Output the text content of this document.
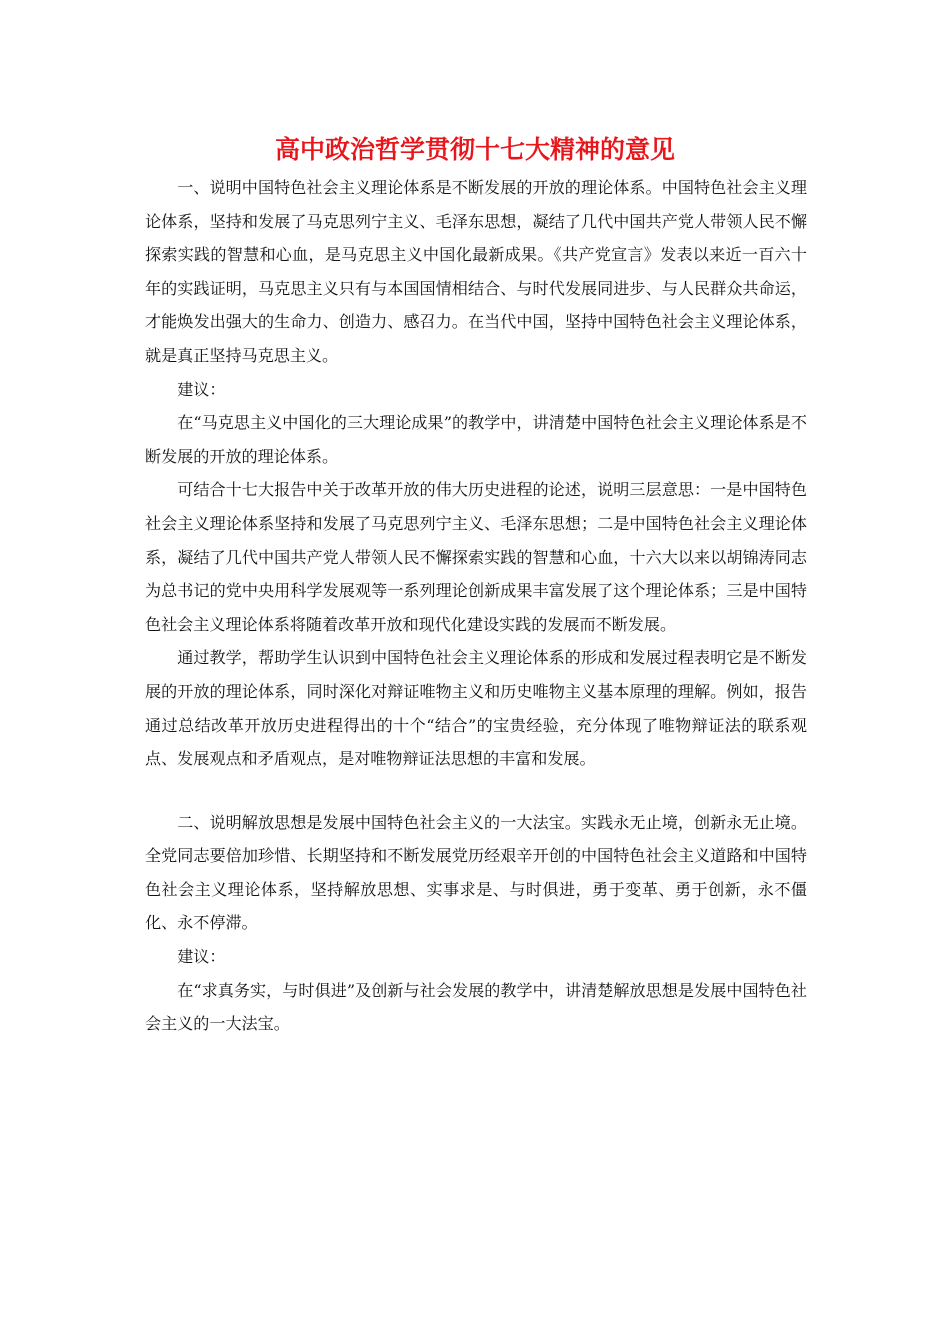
高中政治哲学贯彻十七大精神的意见

一、说明中国特色社会主义理论体系是不断发展的开放的理论体系。中国特色社会主义理论体系，坚持和发展了马克思列宁主义、毛泽东思想，凝结了几代中国共产党人带领人民不懈探索实践的智慧和心血，是马克思主义中国化最新成果。《共产党宣言》发表以来近一百六十年的实践证明，马克思主义只有与本国国情相结合、与时代发展同进步、与人民群众共命运，才能焕发出强大的生命力、创造力、感召力。在当代中国，坚持中国特色社会主义理论体系，就是真正坚持马克思主义。

建议：

在“马克思主义中国化的三大理论成果”的教学中，讲清楚中国特色社会主义理论体系是不断发展的开放的理论体系。

可结合十七大报告中关于改革开放的伟大历史进程的论述，说明三层意思：一是中国特色社会主义理论体系坚持和发展了马克思列宁主义、毛泽东思想；二是中国特色社会主义理论体系，凝结了几代中国共产党人带领人民不懈探索实践的智慧和心血，十六大以来以胡锦涛同志为总书记的党中央用科学发展观等一系列理论创新成果丰富发展了这个理论体系；三是中国特色社会主义理论体系将随着改革开放和现代化建设实践的发展而不断发展。

通过教学，帮助学生认识到中国特色社会主义理论体系的形成和发展过程表明它是不断发展的开放的理论体系，同时深化对辩证唯物主义和历史唯物主义基本原理的理解。例如，报告通过总结改革开放历史进程得出的十个“结合”的宝贵经验，充分体现了唯物辩证法的联系观点、发展观点和矛盾观点，是对唯物辩证法思想的丰富和发展。

二、说明解放思想是发展中国特色社会主义的一大法宝。实践永无止境，创新永无止境。全党同志要倍加珍惜、长期坚持和不断发展党历经艰辛开创的中国特色社会主义道路和中国特色社会主义理论体系，坚持解放思想、实事求是、与时俱进，勇于变革、勇于创新，永不僵化、永不停滞。

建议：

在“求真务实，与时俱进”及创新与社会发展的教学中，讲清楚解放思想是发展中国特色社会主义的一大法宝。
